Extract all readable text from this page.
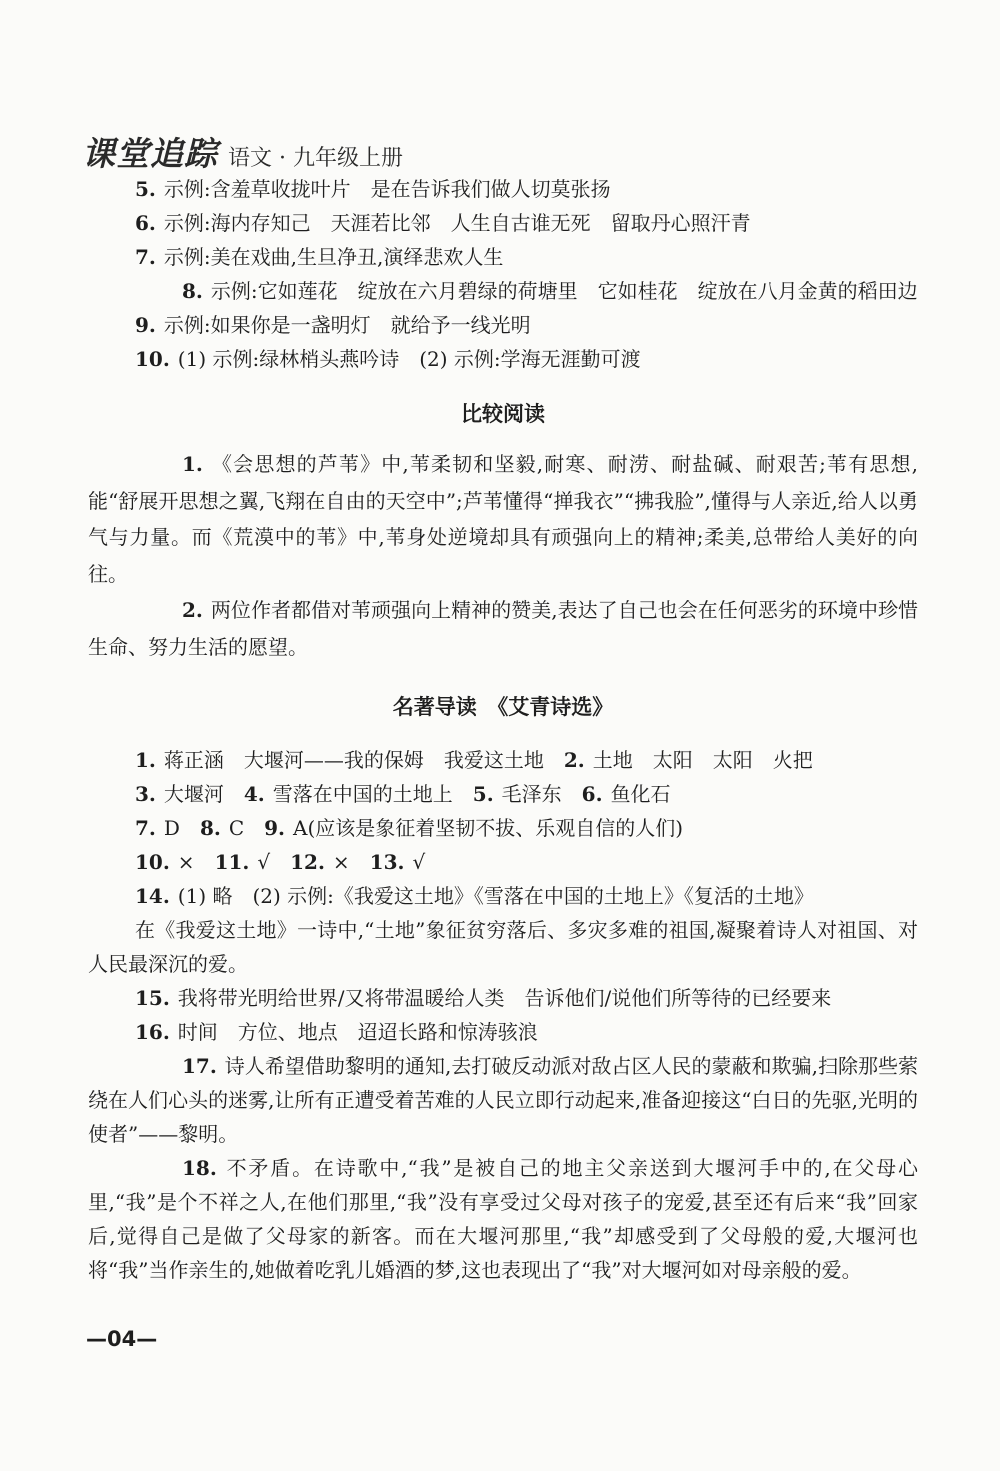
课堂追踪 语文 · 九年级上册
5. 示例:含羞草收拢叶片　是在告诉我们做人切莫张扬
6. 示例:海内存知己　天涯若比邻　人生自古谁无死　留取丹心照汗青
7. 示例:美在戏曲,生旦净丑,演绎悲欢人生
8. 示例:它如莲花　绽放在六月碧绿的荷塘里　它如桂花　绽放在八月金黄的稻田边
9. 示例:如果你是一盏明灯　就给予一线光明
10. (1) 示例:绿林梢头燕吟诗　(2) 示例:学海无涯勤可渡
比较阅读
1. 《会思想的芦苇》中,苇柔韧和坚毅,耐寒、耐涝、耐盐碱、耐艰苦;苇有思想,能“舒展开思想之翼,飞翔在自由的天空中”;芦苇懂得“掸我衣”“拂我脸”,懂得与人亲近,给人以勇气与力量。而《荒漠中的苇》中,苇身处逆境却具有顽强向上的精神;柔美,总带给人美好的向往。
2. 两位作者都借对苇顽强向上精神的赞美,表达了自己也会在任何恶劣的环境中珍惜生命、努力生活的愿望。
名著导读　《艾青诗选》
1. 蒋正涵　大堰河——我的保姆　我爱这土地　2. 土地　太阳　太阳　火把
3. 大堰河　4. 雪落在中国的土地上　5. 毛泽东　6. 鱼化石
7. D　8. C　9. A(应该是象征着坚韧不拔、乐观自信的人们)
10. ×　11. √　12. ×　13. √
14. (1) 略　(2) 示例:《我爱这土地》《雪落在中国的土地上》《复活的土地》
在《我爱这土地》一诗中,“土地”象征贫穷落后、多灾多难的祖国,凝聚着诗人对祖国、对人民最深沉的爱。
15. 我将带光明给世界/又将带温暖给人类　告诉他们/说他们所等待的已经要来
16. 时间　方位、地点　迢迢长路和惊涛骇浪
17. 诗人希望借助黎明的通知,去打破反动派对敌占区人民的蒙蔽和欺骗,扫除那些萦绕在人们心头的迷雾,让所有正遭受着苦难的人民立即行动起来,准备迎接这“白日的先驱,光明的使者”——黎明。
18. 不矛盾。在诗歌中,“我”是被自己的地主父亲送到大堰河手中的,在父母心里,“我”是个不祥之人,在他们那里,“我”没有享受过父母对孩子的宠爱,甚至还有后来“我”回家后,觉得自己是做了父母家的新客。而在大堰河那里,“我”却感受到了父母般的爱,大堰河也将“我”当作亲生的,她做着吃乳儿婚酒的梦,这也表现出了“我”对大堰河如对母亲般的爱。
—04—
